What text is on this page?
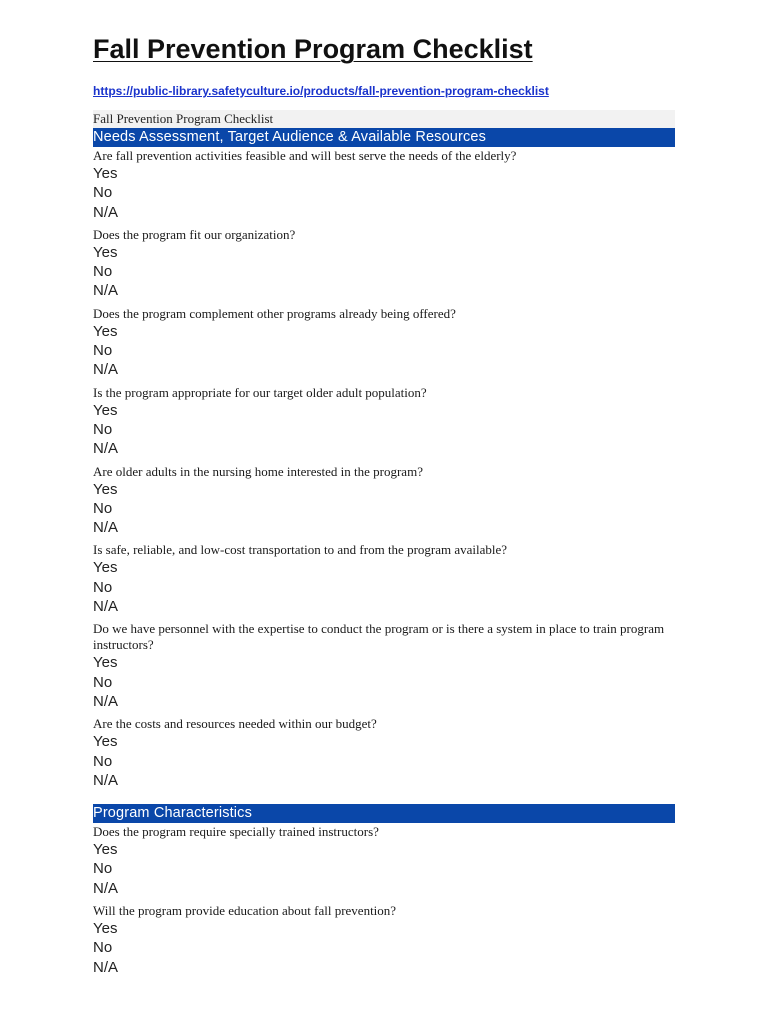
Fall Prevention Program Checklist
https://public-library.safetyculture.io/products/fall-prevention-program-checklist
Fall Prevention Program Checklist
Needs Assessment, Target Audience & Available Resources

Are fall prevention activities feasible and will best serve the needs of the elderly?

Yes
No
N/A

Does the program fit our organization?

Yes
No
N/A

Does the program complement other programs already being offered?

Yes
No
N/A

Is the program appropriate for our target older adult population?

Yes
No
N/A

Are older adults in the nursing home interested in the program?

Yes
No
N/A

Is safe, reliable, and low-cost transportation to and from the program available?

Yes
No
N/A

Do we have personnel with the expertise to conduct the program or is there a system in place to train program instructors?

Yes
No
N/A

Are the costs and resources needed within our budget?

Yes
No
N/A
Program Characteristics

Does the program require specially trained instructors?

Yes
No
N/A

Will the program provide education about fall prevention?

Yes
No
N/A
